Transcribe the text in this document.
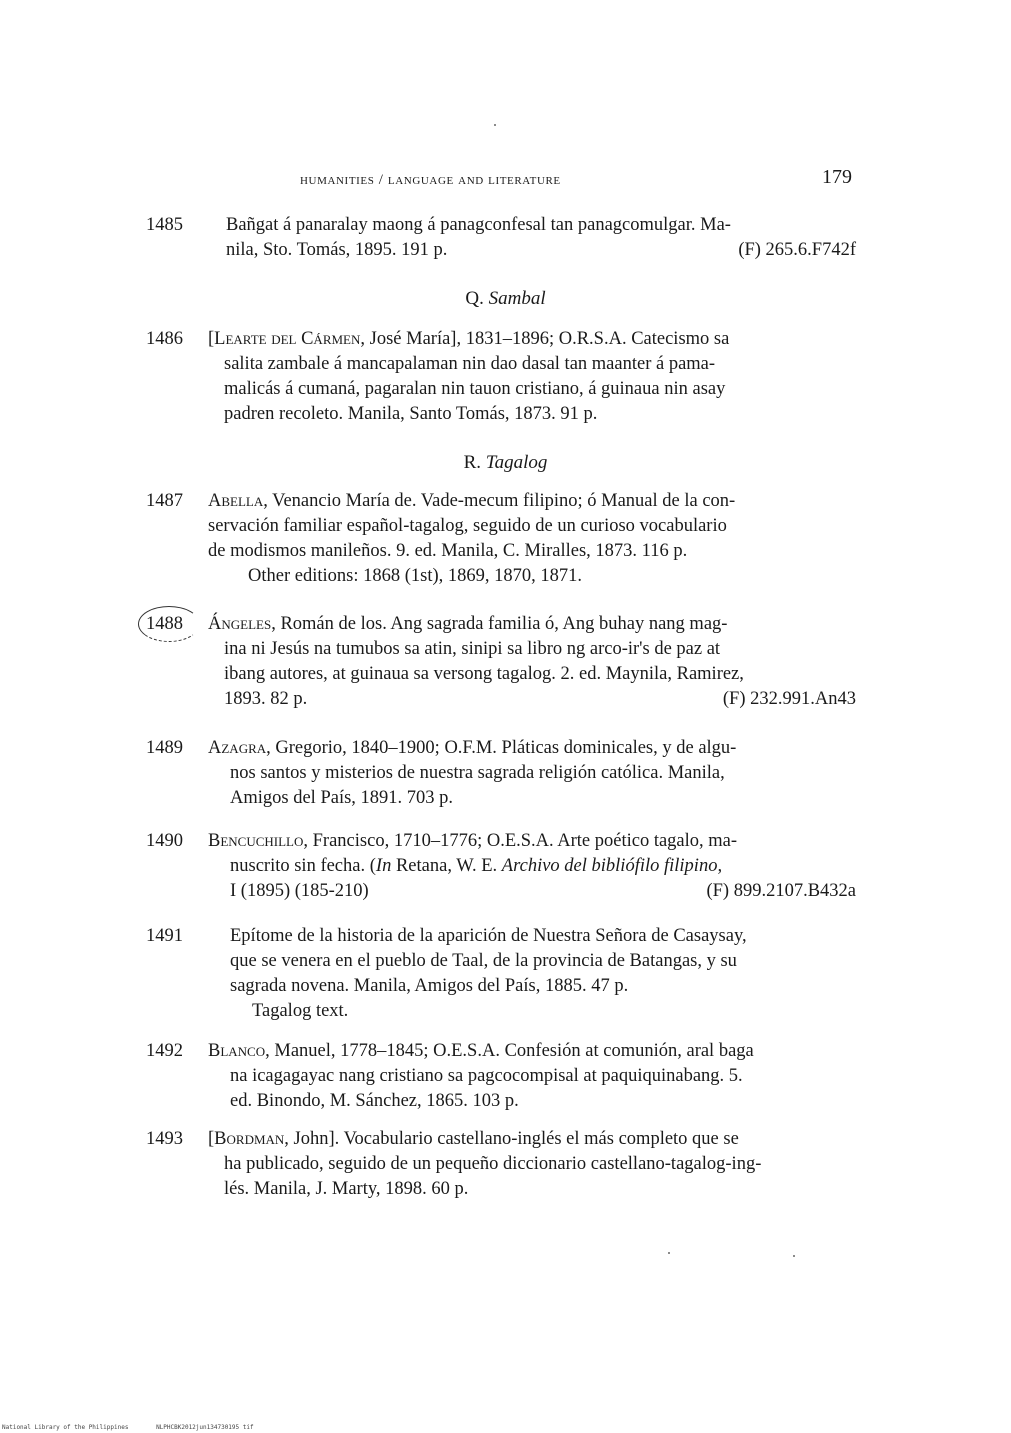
humanities / language and literature	179
1485	Bañgat á panaralay maong á panagconfesal tan panagcomulgar. Ma-
nila, Sto. Tomás, 1895. 191 p.	(F) 265.6.F742f
Q. Sambal
1486	[Learte del Cármen, José María], 1831–1896; O.R.S.A. Catecismo sa
salita zambale á mancapalaman nin dao dasal tan maanter á pama-
malicás á cumaná, pagaralan nin tauon cristiano, á guinaua nin asay
padren recoleto. Manila, Santo Tomás, 1873. 91 p.
R. Tagalog
1487	Abella, Venancio María de. Vade-mecum filipino; ó Manual de la con-
servación familiar español-tagalog, seguido de un curioso vocabulario
de modismos manileños. 9. ed. Manila, C. Miralles, 1873. 116 p.
Other editions: 1868 (1st), 1869, 1870, 1871.
1488	Ángeles, Román de los. Ang sagrada familia ó, Ang buhay nang mag-
ina ni Jesús na tumubos sa atin, sinipi sa libro ng arco-ir's de paz at
ibang autores, at guinaua sa versong tagalog. 2. ed. Maynila, Ramirez,
1893. 82 p.	(F) 232.991.An43
1489	Azagra, Gregorio, 1840–1900; O.F.M. Pláticas dominicales, y de algu-
nos santos y misterios de nuestra sagrada religión católica. Manila,
Amigos del País, 1891. 703 p.
1490	Bencuchillo, Francisco, 1710–1776; O.E.S.A. Arte poético tagalo, ma-
nuscrito sin fecha. (In Retana, W. E. Archivo del bibliófilo filipino,
I (1895) (185-210)	(F) 899.2107.B432a
1491	Epítome de la historia de la aparición de Nuestra Señora de Casaysay,
que se venera en el pueblo de Taal, de la provincia de Batangas, y su
sagrada novena. Manila, Amigos del País, 1885. 47 p.
Tagalog text.
1492	Blanco, Manuel, 1778–1845; O.E.S.A. Confesión at comunión, aral baga
na icagagayac nang cristiano sa pagcocompisal at paquiquinabang. 5.
ed. Binondo, M. Sánchez, 1865. 103 p.
1493	[Bordman, John]. Vocabulario castellano-inglés el más completo que se
ha publicado, seguido de un pequeño diccionario castellano-tagalog-ing-
lés. Manila, J. Marty, 1898. 60 p.
National Library of the Philippines	NLPHCBK2012jun134730195 tif
